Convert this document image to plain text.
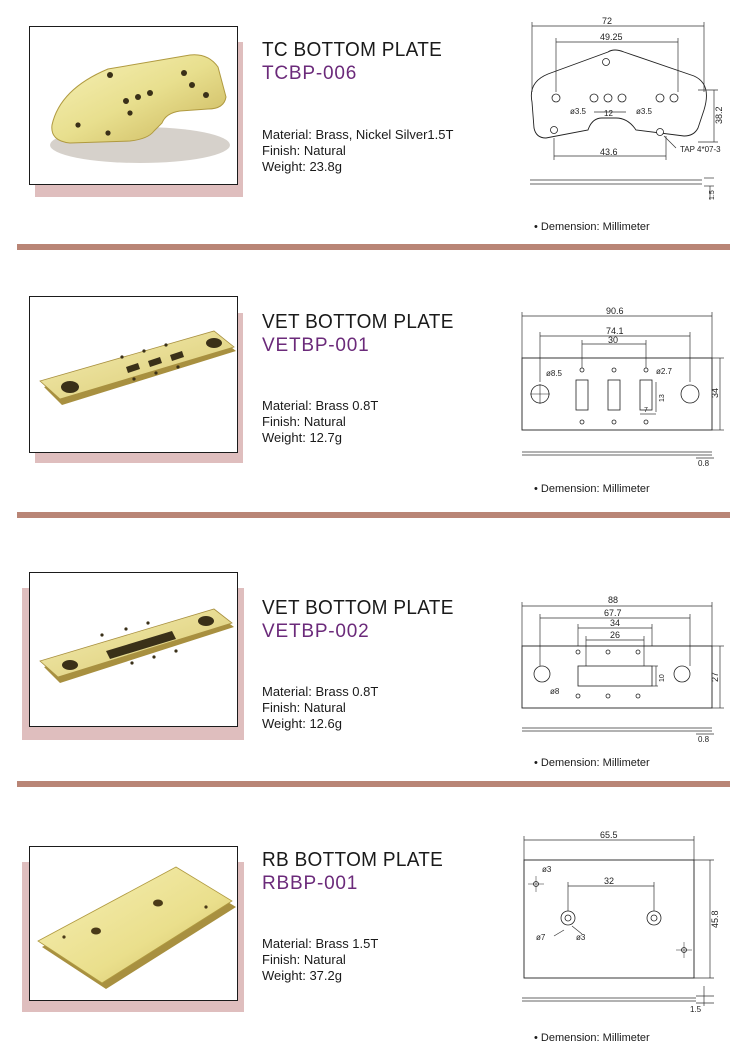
TC BOTTOM PLATE
TCBP-006
Material: Brass, Nickel Silver1.5T
Finish: Natural
Weight: 23.8g
72
49.25
ø3.5	ø3.5
12
43.6	TAP 4*07-3
38.2
1.5
• Demension: Millimeter
VET BOTTOM PLATE
VETBP-001
Material: Brass 0.8T
Finish: Natural
Weight: 12.7g
90.6
74.1
30
ø8.5	ø2.7
13
7
34
0.8
• Demension: Millimeter
VET BOTTOM PLATE
VETBP-002
Material: Brass 0.8T
Finish: Natural
Weight: 12.6g
88
67.7
34
26
ø8
10	27
0.8
• Demension: Millimeter
RB BOTTOM PLATE
RBBP-001
Material: Brass 1.5T
Finish: Natural
Weight: 37.2g
65.5
32
ø3
ø7	ø3
45.8
1.5
• Demension: Millimeter
